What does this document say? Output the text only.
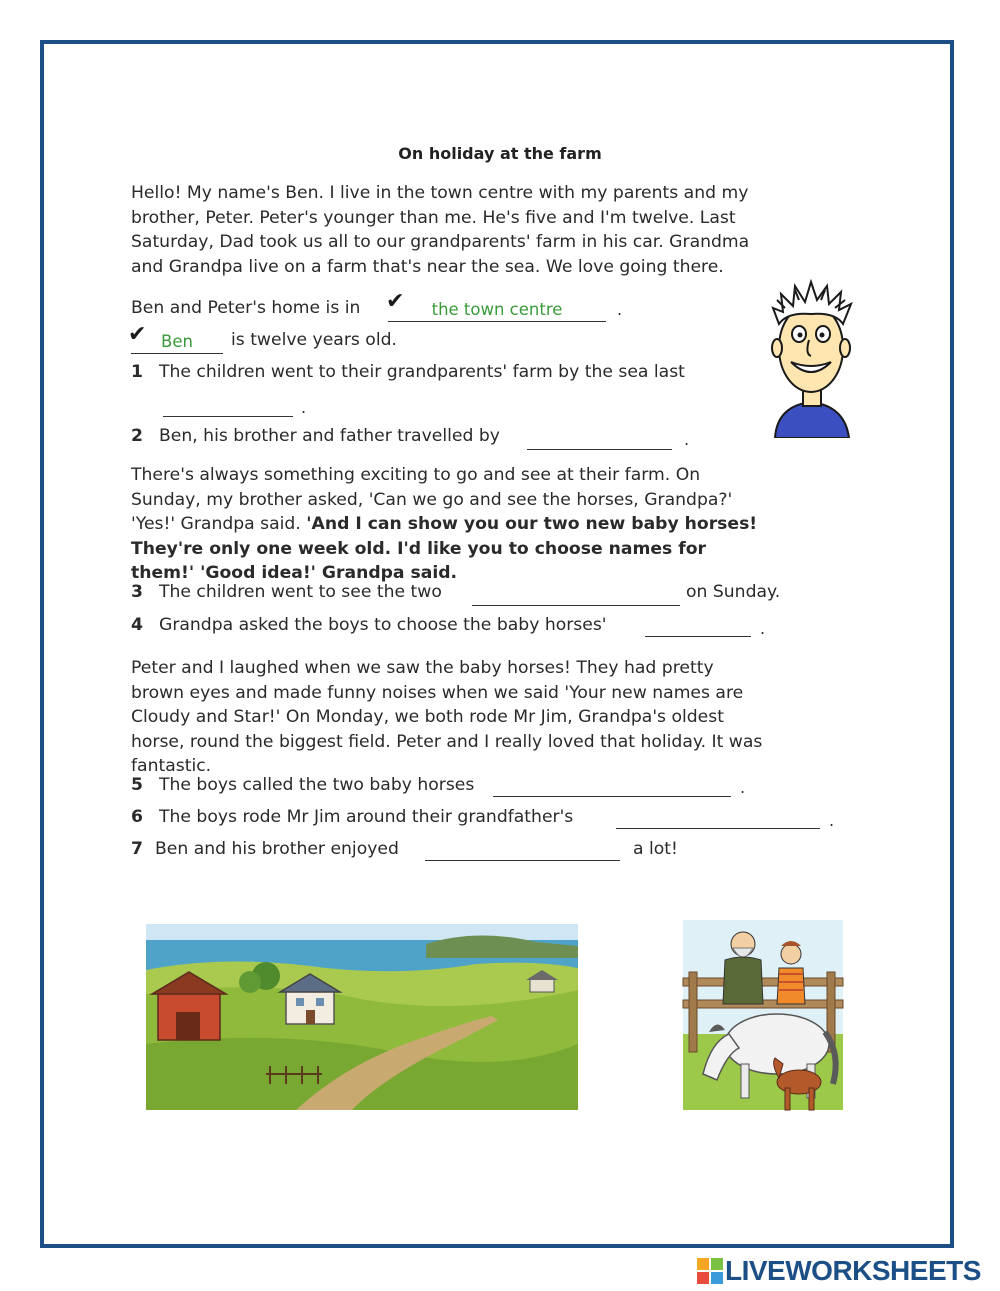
On holiday at the farm

Hello! My name's Ben. I live in the town centre with my parents and my brother, Peter. Peter's younger than me. He's five and I'm twelve. Last Saturday, Dad took us all to our grandparents' farm in his car. Grandma and Grandpa live on a farm that's near the sea. We love going there.

Ben and Peter's home is in ✔
the town centre	.
✔
Ben	is twelve years old.
1 The children went to their grandparents' farm by the sea last
.
2 Ben, his brother and father travelled by	.

There's always something exciting to go and see at their farm. On Sunday, my brother asked, 'Can we go and see the horses, Grandpa?' 'Yes!' Grandpa said. 'And I can show you our two new baby horses! They're only one week old. I'd like you to choose names for them!' 'Good idea!' Grandpa said.

3 The children went to see the two	on Sunday.
4 Grandpa asked the boys to choose the baby horses'	.

Peter and I laughed when we saw the baby horses! They had pretty brown eyes and made funny noises when we said 'Your new names are Cloudy and Star!' On Monday, we both rode Mr Jim, Grandpa's oldest horse, round the biggest field. Peter and I really loved that holiday. It was fantastic.

5 The boys called the two baby horses	.
6 The boys rode Mr Jim around their grandfather's	.
7 Ben and his brother enjoyed	a lot!
LIVEWORKSHEETS
